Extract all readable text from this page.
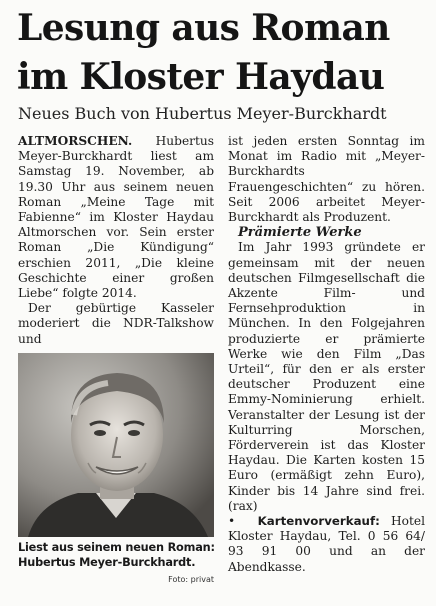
Lesung aus Roman
im Kloster Haydau
Neues Buch von Hubertus Meyer-Burckhardt

ALTMORSCHEN. Hubertus Meyer-Burckhardt liest am Samstag 19. November, ab 19.30 Uhr aus seinem neuen Roman „Meine Tage mit Fabienne“ im Kloster Haydau Altmorschen vor. Sein erster Roman „Die Kündigung“ erschien 2011, „Die kleine Geschichte einer großen Liebe“ folgte 2014.

Der gebürtige Kasseler moderiert die NDR-Talkshow und

Liest aus seinem neuen Roman:
Hubertus Meyer-Burckhardt.
Foto: privat

ist jeden ersten Sonntag im Monat im Radio mit „Meyer-Burckhardts Frauengeschichten“ zu hören. Seit 2006 arbeitet Meyer-Burckhardt als Produzent.

Prämierte Werke

Im Jahr 1993 gründete er gemeinsam mit der neuen deutschen Filmgesellschaft die Akzente Film- und Fernsehproduktion in München. In den Folgejahren produzierte er prämierte Werke wie den Film „Das Urteil“, für den er als erster deutscher Produzent eine Emmy-Nominierung erhielt. Veranstalter der Lesung ist der Kulturring Morschen, Förderverein ist das Kloster Haydau. Die Karten kosten 15 Euro (ermäßigt zehn Euro), Kinder bis 14 Jahre sind frei. (rax)

• Kartenvorverkauf: Hotel Kloster Haydau, Tel. 0 56 64/ 93 91 00 und an der Abendkasse.
